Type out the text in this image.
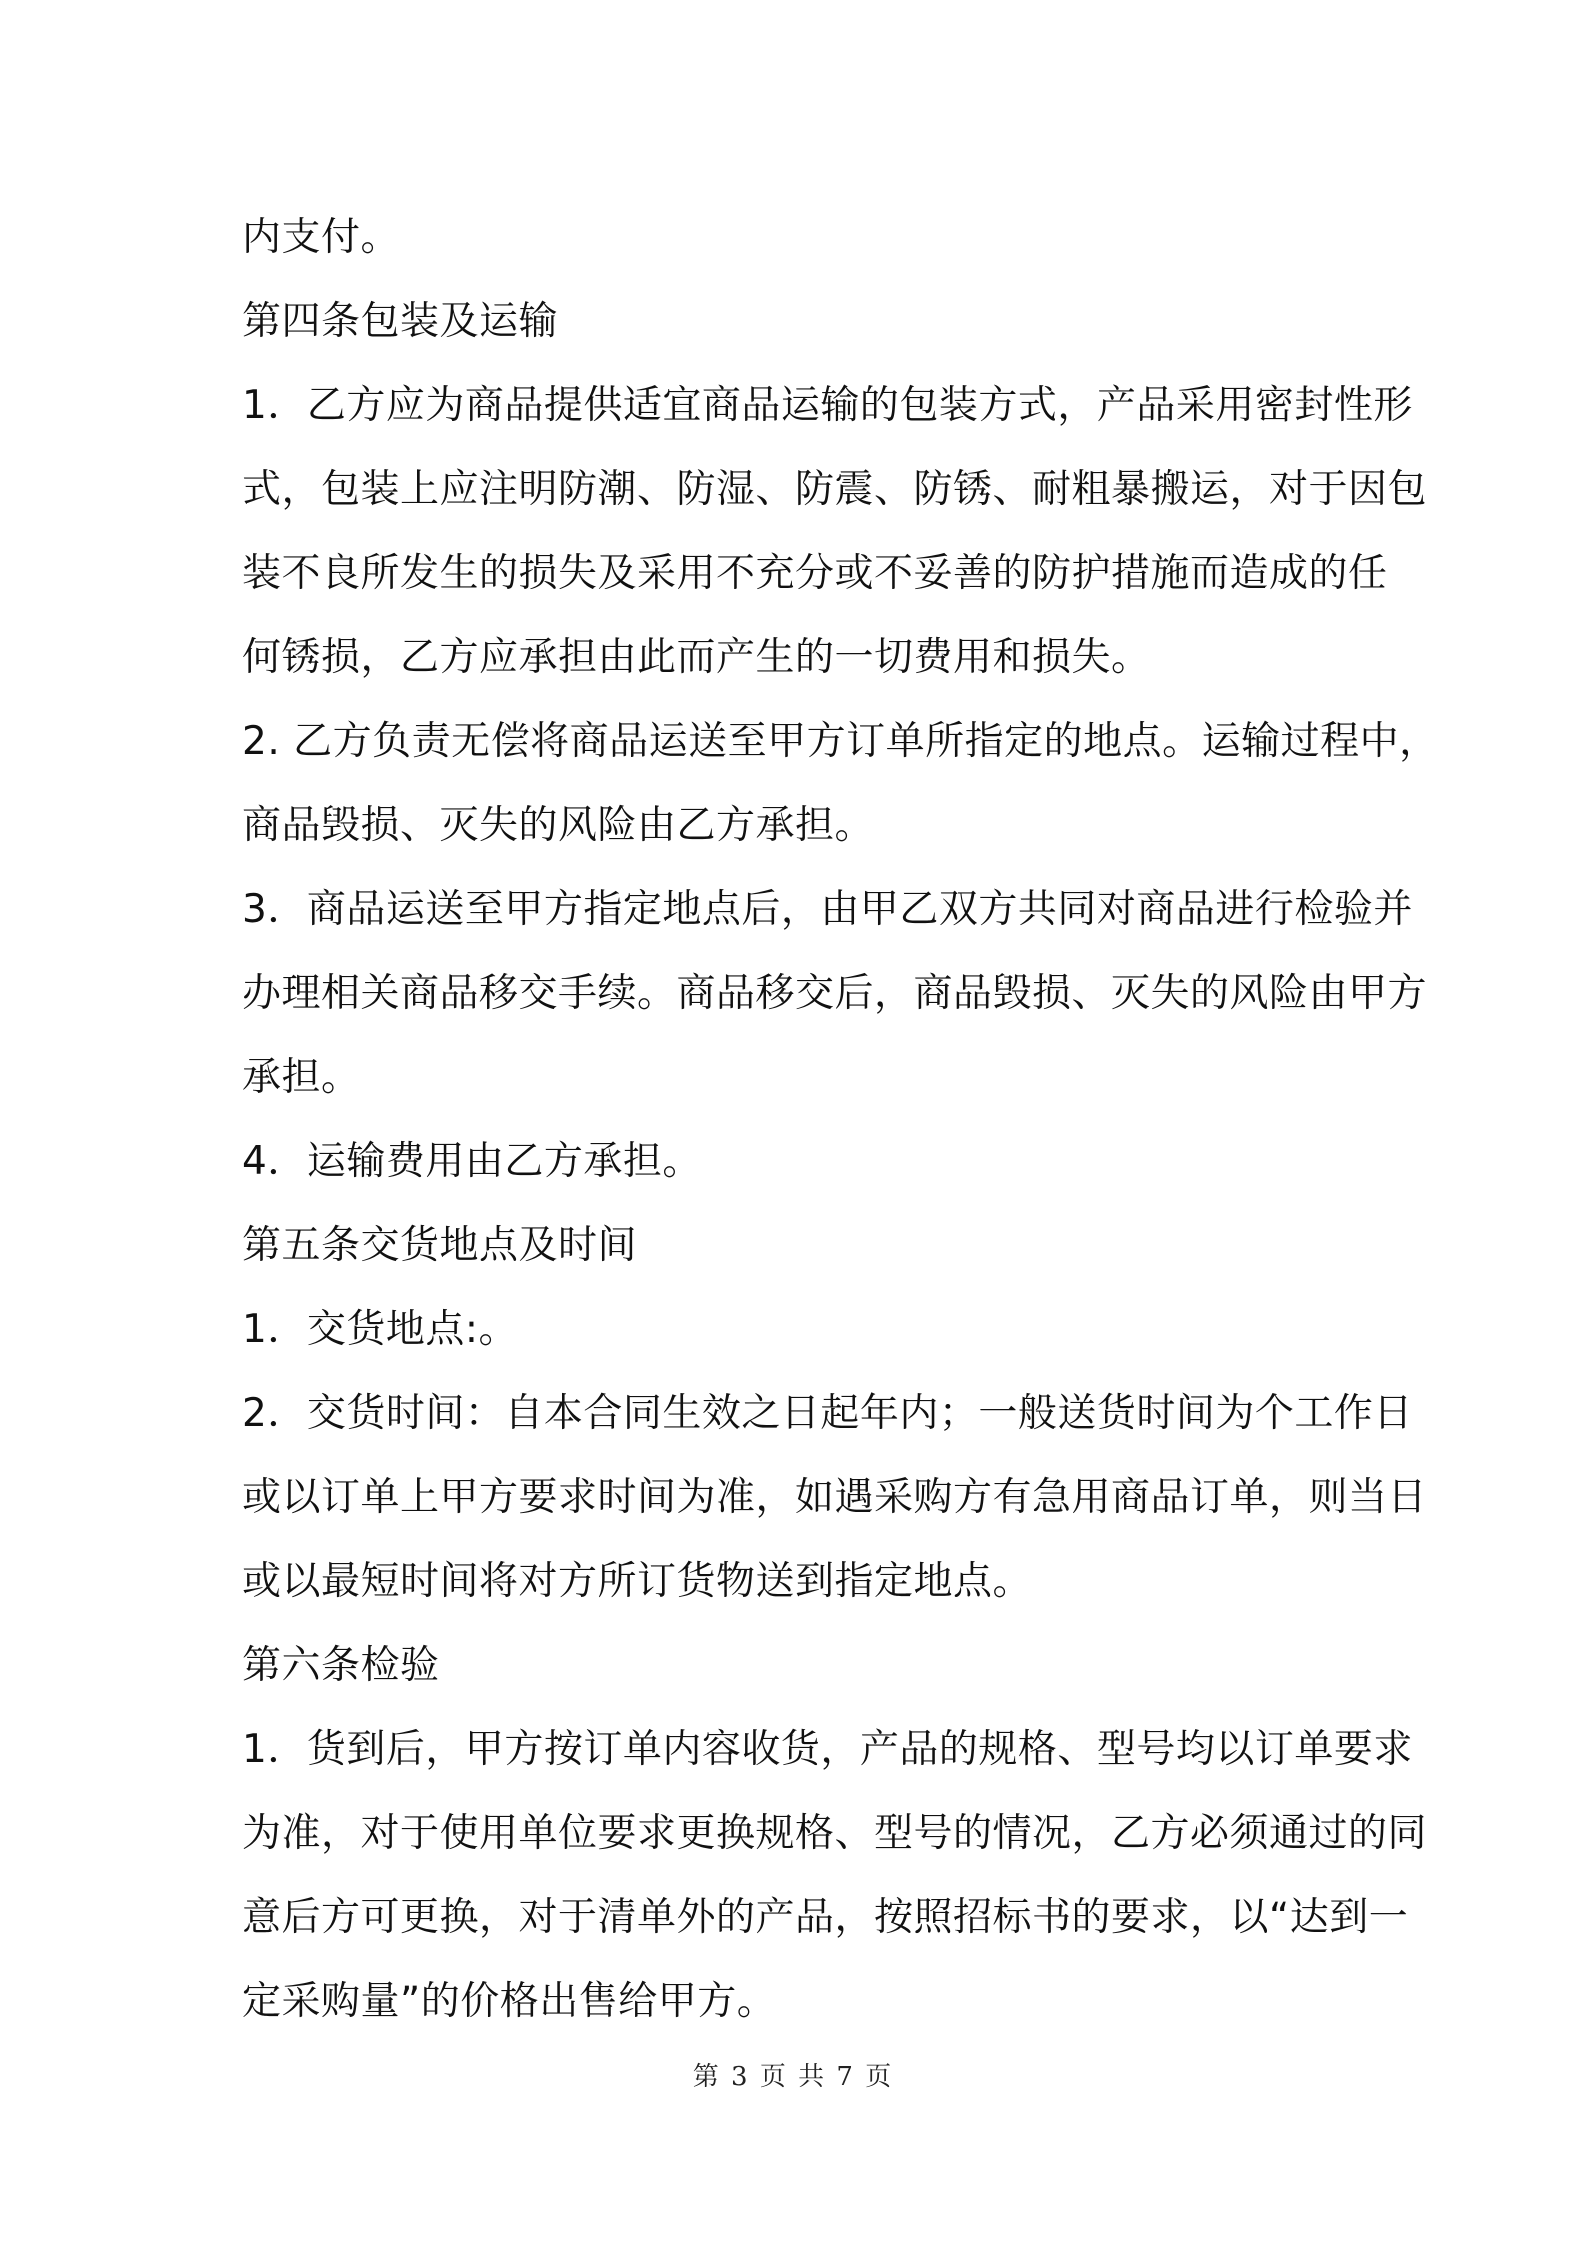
内支付。
第四条包装及运输
1．乙方应为商品提供适宜商品运输的包装方式，产品采用密封性形
式，包装上应注明防潮、防湿、防震、防锈、耐粗暴搬运，对于因包
装不良所发生的损失及采用不充分或不妥善的防护措施而造成的任
何锈损，乙方应承担由此而产生的一切费用和损失。
2. 乙方负责无偿将商品运送至甲方订单所指定的地点。运输过程中，
商品毁损、灭失的风险由乙方承担。
3．商品运送至甲方指定地点后，由甲乙双方共同对商品进行检验并
办理相关商品移交手续。商品移交后，商品毁损、灭失的风险由甲方
承担。
4．运输费用由乙方承担。
第五条交货地点及时间
1．交货地点:。
2．交货时间：自本合同生效之日起年内；一般送货时间为个工作日
或以订单上甲方要求时间为准，如遇采购方有急用商品订单，则当日
或以最短时间将对方所订货物送到指定地点。
第六条检验
1．货到后，甲方按订单内容收货，产品的规格、型号均以订单要求
为准，对于使用单位要求更换规格、型号的情况，乙方必须通过的同
意后方可更换，对于清单外的产品，按照招标书的要求，以“达到一
定采购量”的价格出售给甲方。
第 3 页 共 7 页
